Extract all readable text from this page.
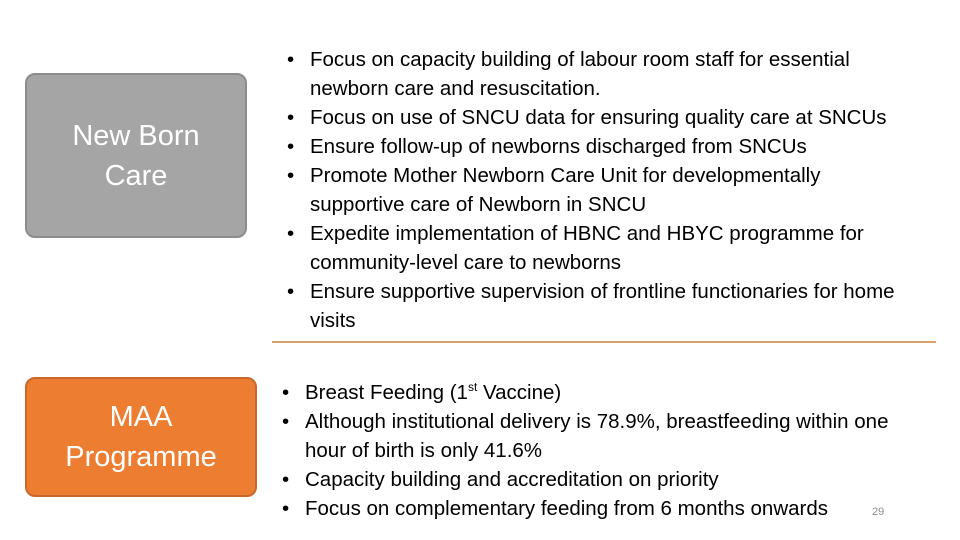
New Born
Care
• Focus on capacity building of labour room staff for essential
newborn care and resuscitation.
• Focus on use of SNCU data for ensuring quality care at SNCUs
• Ensure follow-up of newborns discharged from SNCUs
• Promote Mother Newborn Care Unit for developmentally
supportive care of Newborn in SNCU
• Expedite implementation of HBNC and HBYC programme for
community-level care to newborns
• Ensure supportive supervision of frontline functionaries for home
visits
MAA
Programme
• Breast Feeding (1st Vaccine)
• Although institutional delivery is 78.9%, breastfeeding within one
hour of birth is only 41.6%
• Capacity building and accreditation on priority
• Focus on complementary feeding from 6 months onwards	29
